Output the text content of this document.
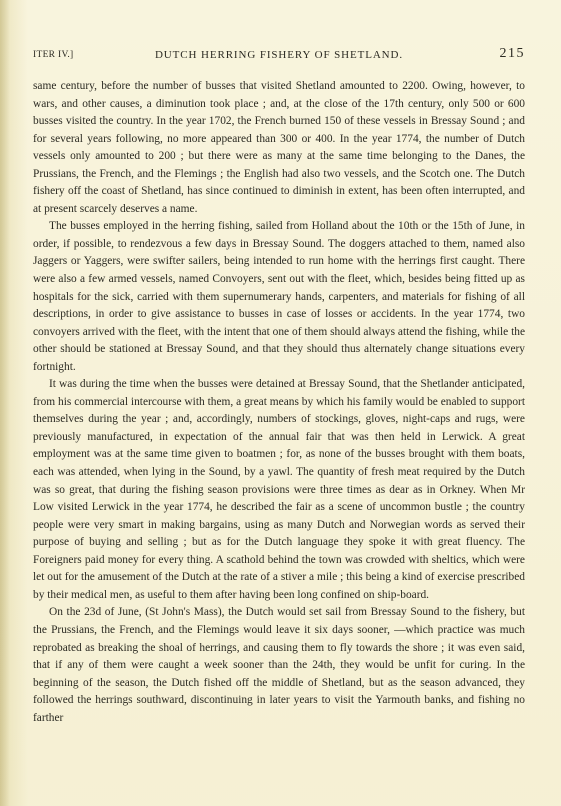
ITER IV.]	DUTCH HERRING FISHERY OF SHETLAND.	215

same century, before the number of busses that visited Shetland amounted to 2200. Owing, however, to wars, and other causes, a diminution took place ; and, at the close of the 17th century, only 500 or 600 busses visited the country. In the year 1702, the French burned 150 of these vessels in Bressay Sound ; and for several years following, no more appeared than 300 or 400. In the year 1774, the number of Dutch vessels only amounted to 200 ; but there were as many at the same time belonging to the Danes, the Prussians, the French, and the Flemings ; the English had also two vessels, and the Scotch one. The Dutch fishery off the coast of Shetland, has since continued to diminish in extent, has been often interrupted, and at present scarcely deserves a name.

The busses employed in the herring fishing, sailed from Holland about the 10th or the 15th of June, in order, if possible, to rendezvous a few days in Bressay Sound. The doggers attached to them, named also Jaggers or Yaggers, were swifter sailers, being intended to run home with the herrings first caught. There were also a few armed vessels, named Convoyers, sent out with the fleet, which, besides being fitted up as hospitals for the sick, carried with them supernumerary hands, carpenters, and materials for fishing of all descriptions, in order to give assistance to busses in case of losses or accidents. In the year 1774, two convoyers arrived with the fleet, with the intent that one of them should always attend the fishing, while the other should be stationed at Bressay Sound, and that they should thus alternately change situations every fortnight.

It was during the time when the busses were detained at Bressay Sound, that the Shetlander anticipated, from his commercial intercourse with them, a great means by which his family would be enabled to support themselves during the year ; and, accordingly, numbers of stockings, gloves, night-caps and rugs, were previously manufactured, in expectation of the annual fair that was then held in Lerwick. A great employment was at the same time given to boatmen ; for, as none of the busses brought with them boats, each was attended, when lying in the Sound, by a yawl. The quantity of fresh meat required by the Dutch was so great, that during the fishing season provisions were three times as dear as in Orkney. When Mr Low visited Lerwick in the year 1774, he described the fair as a scene of uncommon bustle ; the country people were very smart in making bargains, using as many Dutch and Norwegian words as served their purpose of buying and selling ; but as for the Dutch language they spoke it with great fluency. The Foreigners paid money for every thing. A scathold behind the town was crowded with sheltics, which were let out for the amusement of the Dutch at the rate of a stiver a mile ; this being a kind of exercise prescribed by their medical men, as useful to them after having been long confined on ship-board.

On the 23d of June, (St John's Mass), the Dutch would set sail from Bressay Sound to the fishery, but the Prussians, the French, and the Flemings would leave it six days sooner, —which practice was much reprobated as breaking the shoal of herrings, and causing them to fly towards the shore ; it was even said, that if any of them were caught a week sooner than the 24th, they would be unfit for curing. In the beginning of the season, the Dutch fished off the middle of Shetland, but as the season advanced, they followed the herrings southward, discontinuing in later years to visit the Yarmouth banks, and fishing no farther
